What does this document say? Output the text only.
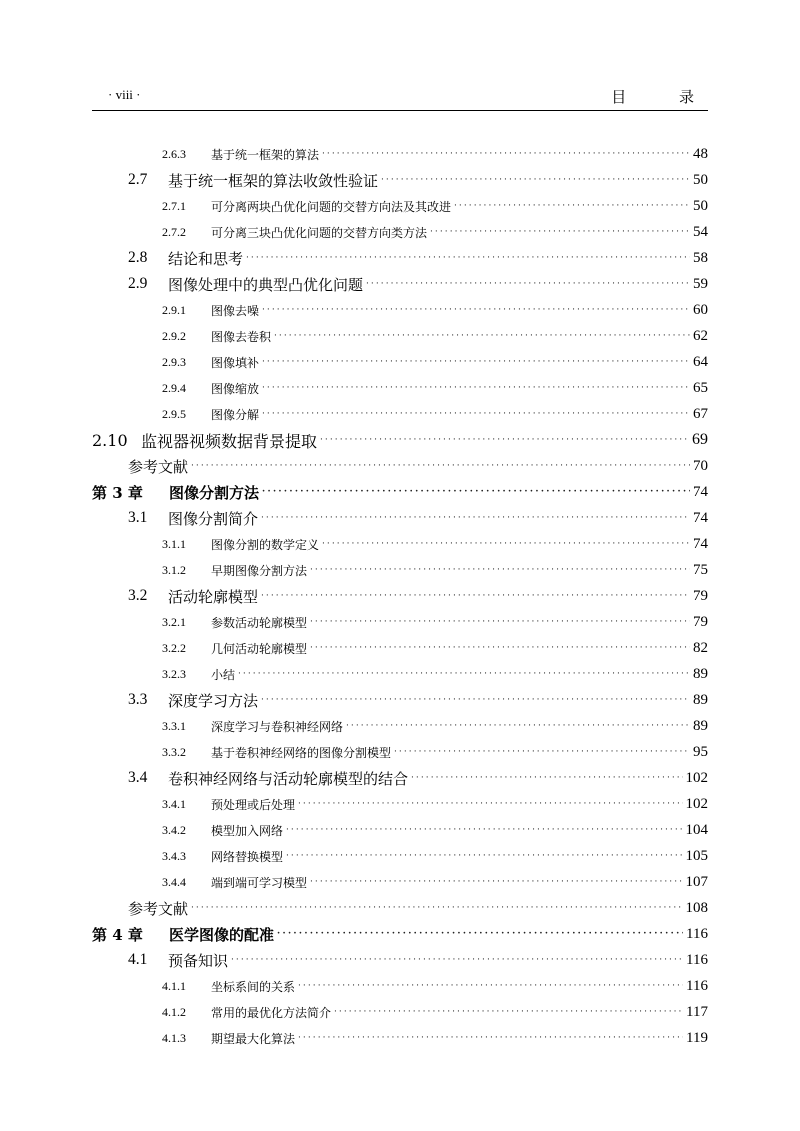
· viii ·	目 录
2.6.3	基于统一框架的算法 · · ·	48
2.7	基于统一框架的算法收敛性验证 · · ·	50
2.7.1	可分离两块凸优化问题的交替方向法及其改进 · · ·	50
2.7.2	可分离三块凸优化问题的交替方向类方法 · · ·	54
2.8	结论和思考 · · ·	58
2.9	图像处理中的典型凸优化问题 · · ·	59
2.9.1	图像去噪 · · ·	60
2.9.2	图像去卷积 · · ·	62
2.9.3	图像填补 · · ·	64
2.9.4	图像缩放 · · ·	65
2.9.5	图像分解 · · ·	67
2.10 监视器视频数据背景提取 · · ·	69
参考文献 · · ·	70
第 3 章	图像分割方法 · · ·	74
3.1	图像分割简介 · · ·	74
3.1.1	图像分割的数学定义 · · ·	74
3.1.2	早期图像分割方法 · · ·	75
3.2	活动轮廓模型 · · ·	79
3.2.1	参数活动轮廓模型 · · ·	79
3.2.2	几何活动轮廓模型 · · ·	82
3.2.3	小结 · · ·	89
3.3	深度学习方法 · · ·	89
3.3.1	深度学习与卷积神经网络 · · ·	89
3.3.2	基于卷积神经网络的图像分割模型 · · ·	95
3.4	卷积神经网络与活动轮廓模型的结合 · · ·	102
3.4.1	预处理或后处理 · · ·	102
3.4.2	模型加入网络 · · ·	104
3.4.3	网络替换模型 · · ·	105
3.4.4	端到端可学习模型 · · ·	107
参考文献 · · ·	108
第 4 章	医学图像的配准 · · ·	116
4.1	预备知识 · · ·	116
4.1.1	坐标系间的关系 · · ·	116
4.1.2	常用的最优化方法简介 · · ·	117
4.1.3	期望最大化算法 · · ·	119
